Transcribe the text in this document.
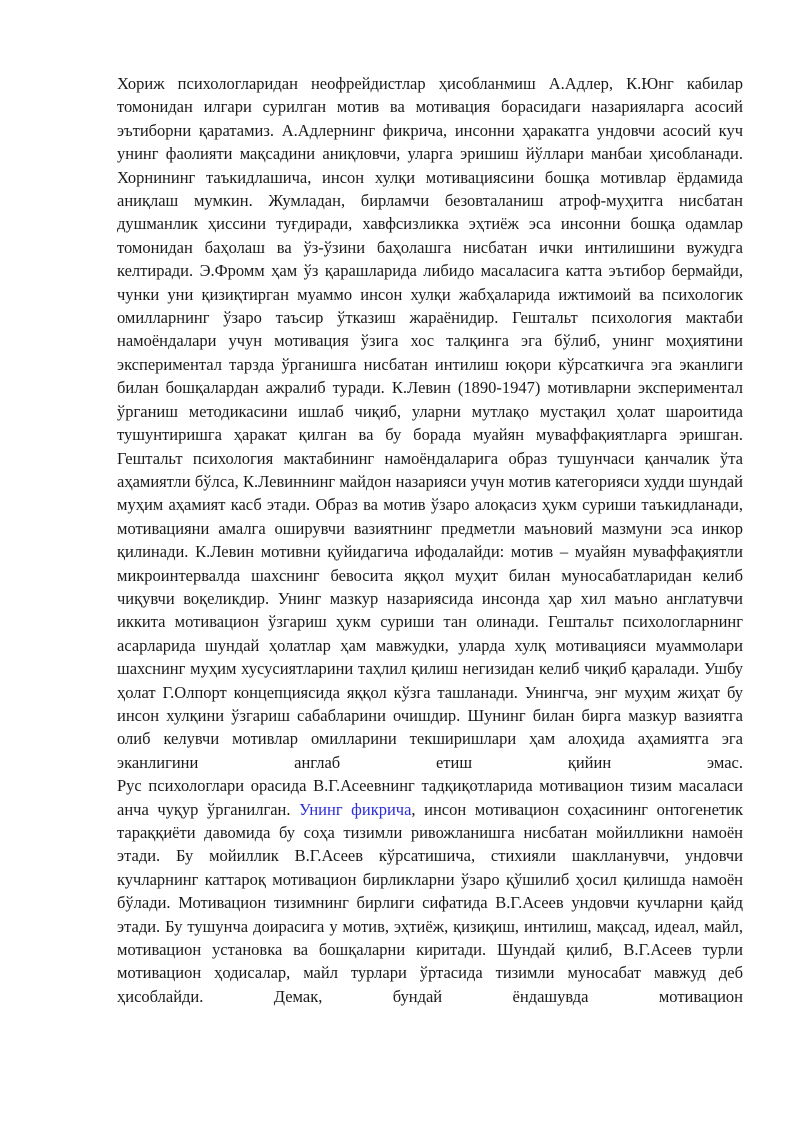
Хориж психологларидан неофрейдистлар ҳисобланмиш А.Адлер, К.Юнг кабилар томонидан илгари сурилган мотив ва мотивация борасидаги назарияларга асосий эътиборни қаратамиз. А.Адлернинг фикрича, инсонни ҳаракатга ундовчи асосий куч унинг фаолияти мақсадини аниқловчи, уларга эришиш йўллари манбаи ҳисобланади. Хорнининг таъкидлашича, инсон хулқи мотивациясини бошқа мотивлар ёрдамида аниқлаш мумкин. Жумладан, бирламчи безовталаниш атроф-муҳитга нисбатан душманлик ҳиссини туғдиради, хавфсизликка эҳтиёж эса инсонни бошқа одамлар томонидан баҳолаш ва ўз-ўзини баҳолашга нисбатан ички интилишини вужудга келтиради. Э.Фромм ҳам ўз қарашларида либидо масаласига катта эътибор бермайди, чунки уни қизиқтирган муаммо инсон хулқи жабҳаларида ижтимоий ва психологик омилларнинг ўзаро таъсир ўтказиш жараёнидир. Гештальт психология мактаби намоёндалари учун мотивация ўзига хос талқинга эга бўлиб, унинг моҳиятини экспериментал тарзда ўрганишга нисбатан интилиш юқори кўрсаткичга эга эканлиги билан бошқалардан ажралиб туради. К.Левин (1890-1947) мотивларни экспериментал ўрганиш методикасини ишлаб чиқиб, уларни мутлақо мустақил ҳолат шароитида тушунтиришга ҳаракат қилган ва бу борада муайян муваффақиятларга эришган. Гештальт психология мактабининг намоёндаларига образ тушунчаси қанчалик ўта аҳамиятли бўлса, К.Левиннинг майдон назарияси учун мотив категорияси худди шундай муҳим аҳамият касб этади. Образ ва мотив ўзаро алоқасиз ҳукм суриши таъкидланади, мотивацияни амалга оширувчи вазиятнинг предметли маъновий мазмуни эса инкор қилинади. К.Левин мотивни қуйидагича ифодалайди: мотив – муайян муваффақиятли микроинтервалда шахснинг бевосита яққол муҳит билан муносабатларидан келиб чиқувчи воқеликдир. Унинг мазкур назариясида инсонда ҳар хил маъно англатувчи иккита мотивацион ўзгариш ҳукм суриши тан олинади. Гештальт психологларнинг асарларида шундай ҳолатлар ҳам мавжудки, уларда хулқ мотивацияси муаммолари шахснинг муҳим хусусиятларини таҳлил қилиш негизидан келиб чиқиб қаралади. Ушбу ҳолат Г.Олпорт концепциясида яққол кўзга ташланади. Унингча, энг муҳим жиҳат бу инсон хулқини ўзгариш сабабларини очишдир. Шунинг билан бирга мазкур вазиятга олиб келувчи мотивлар омилларини текширишлари ҳам алоҳида аҳамиятга эга эканлигини англаб етиш қийин эмас.

Рус психологлари орасида В.Г.Асеевнинг тадқиқотларида мотивацион тизим масаласи анча чуқур ўрганилган. Унинг фикрича, инсон мотивацион соҳасининг онтогенетик тараққиёти давомида бу соҳа тизимли ривожланишга нисбатан мойилликни намоён этади. Бу мойиллик В.Г.Асеев кўрсатишича, стихияли шаклланувчи, ундовчи кучларнинг каттароқ мотивацион бирликларни ўзаро қўшилиб ҳосил қилишда намоён бўлади. Мотивацион тизимнинг бирлиги сифатида В.Г.Асеев ундовчи кучларни қайд этади. Бу тушунча доирасига у мотив, эҳтиёж, қизиқиш, интилиш, мақсад, идеал, майл, мотивацион установка ва бошқаларни киритади. Шундай қилиб, В.Г.Асеев турли мотивацион ҳодисалар, майл турлари ўртасида тизимли муносабат мавжуд деб ҳисоблайди. Демак, бундай ёндашувда мотивацион
